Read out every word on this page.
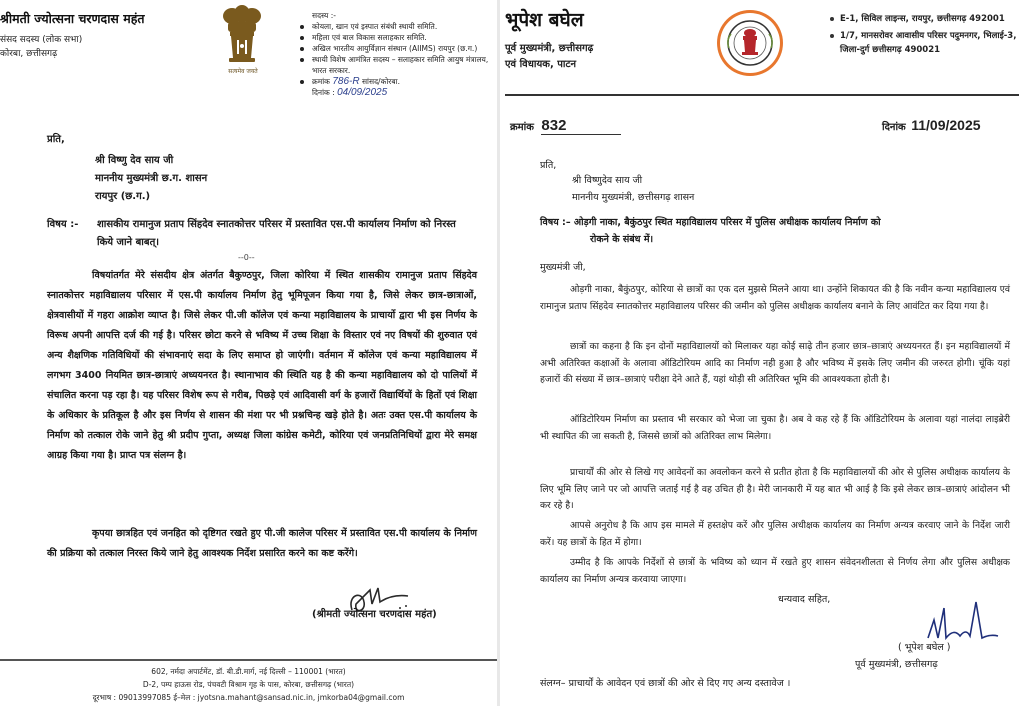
श्रीमती ज्योत्सना चरणदास महंत
संसद सदस्य (लोक सभा)
कोरबा, छत्तीसगढ़
सत्यमेव जयते
सदस्य :-
कोयला, खान एवं इस्पात संबंधी स्थायी समिति.
महिला एवं बाल विकास सलाहकार समिति.
अखिल भारतीय आयुर्विज्ञान संस्थान (AIIMS) रायपुर (छ.ग.)
स्थायी विशेष आमंत्रित सदस्य – सलाहकार समिति आयुष मंत्रालय, भारत सरकार.
क्रमांक 786-R सांसद/कोरबा.
दिनांक : 04/09/2025
प्रति,
श्री विष्णु देव साय जी
माननीय मुख्यमंत्री छ.ग. शासन
रायपुर (छ.ग.)
विषय :- शासकीय रामानुज प्रताप सिंहदेव स्नातकोत्तर परिसर में प्रस्तावित एस.पी कार्यालय निर्माण को निरस्त किये जाने बाबत्।
--0--
विषयांतर्गत मेरे संसदीय क्षेत्र अंतर्गत बैकुण्ठपुर, जिला कोरिया में स्थित शासकीय रामानुज प्रताप सिंहदेव स्नातकोत्तर महाविद्यालय परिसार में एस.पी कार्यालय निर्माण हेतु भूमिपूजन किया गया है, जिसे लेकर छात्र-छात्राओं, क्षेत्रवासीयों में गहरा आक्रोश व्याप्त है। जिसे लेकर पी.जी कॉलेज एवं कन्या महाविद्यालय के प्राचार्यो द्वारा भी इस निर्णय के विरूध अपनी आपत्ति दर्ज की गई है। परिसर छोटा करने से भविष्य में उच्च शिक्षा के विस्तार एवं नए विषयों की शुरुवात एवं अन्य शैक्षणिक गतिविधियों की संभावनाएं सदा के लिए समाप्त हो जाएंगी। वर्तमान में कॉलेज एवं कन्या महाविद्यालय में लगभग 3400 नियमित छात्र-छात्राएं अध्ययनरत है। स्थानाभाव की स्थिति यह है की कन्या महाविद्यालय को दो पालियों में संचालित करना पड़ रहा है। यह परिसर विशेष रूप से गरीब, पिछड़े एवं आदिवासी वर्ग के हजारों विद्यार्थियों के हितों एवं शिक्षा के अधिकार के प्रतिकूल है और इस निर्णय से शासन की मंशा पर भी प्रश्नचिन्ह खड़े होते है। अतः उक्त एस.पी कार्यालय के निर्माण को तत्काल रोके जाने हेतु श्री प्रदीप गुप्ता, अध्यक्ष जिला कांग्रेस कमेटी, कोरिया एवं जनप्रतिनिधियों द्वारा मेरे समक्ष आग्रह किया गया है। प्राप्त पत्र संलग्न है।
कृपया छात्रहित एवं जनहित को दृष्टिगत रखते हुए पी.जी कालेज परिसर में प्रस्तावित एस.पी कार्यालय के निर्माण की प्रक्रिया को तत्काल निरस्त किये जाने हेतु आवश्यक निर्देश प्रसारित करने का कष्ट करेंगे।
(श्रीमती ज्योत्सना चरणदास महंत)
602, नर्मदा अपार्टमेंट, डॉ. बी.डी.मार्ग, नई दिल्ली – 110001 (भारत)
D-2, पम्प हाऊस रोड, पंचवटी विश्राम गृह के पास, कोरबा, छत्तीसगढ़ (भारत)
दूरभाष : 09013997085 ई–मेल : jyotsna.mahant@sansad.nic.in, jmkorba04@gmail.com
भूपेश बघेल
पूर्व मुख्यमंत्री, छत्तीसगढ़
एवं विधायक, पाटन
E-1, सिविल लाइन्स, रायपुर, छत्तीसगढ़ 492001
1/7, मानसरोवर आवासीय परिसर पदुमनगर, भिलाई-3, जिला-दुर्ग छत्तीसगढ़ 490021
क्रमांक 832	दिनांक 11/09/2025
प्रति,
श्री विष्णुदेव साय जी
माननीय मुख्यमंत्री, छत्तीसगढ़ शासन
विषय :– ओड़गी नाका, बैकुंठपुर स्थित महाविद्यालय परिसर में पुलिस अधीक्षक कार्यालय निर्माण को
रोकने के संबंध में।
मुख्यमंत्री जी,
ओड़गी नाका, बैकुंठपुर, कोरिया से छात्रों का एक दल मुझसे मिलने आया था। उन्होंने शिकायत की है कि नवीन कन्या महाविद्यालय एवं रामानुज प्रताप सिंहदेव स्नातकोत्तर महाविद्यालय परिसर की जमीन को पुलिस अधीक्षक कार्यालय बनाने के लिए आवंटित कर दिया गया है।
छात्रों का कहना है कि इन दोनों महाविद्यालयों को मिलाकर यहा कोई साढ़े तीन हजार छात्र–छात्राएं अध्ययनरत हैं। इन महाविद्यालयों में अभी अतिरिक्त कक्षाओं के अलावा ऑडिटोरियम आदि का निर्माण नही हुआ है और भविष्य में इसके लिए जमीन की जरुरत होगी। चूंकि यहां हजारों की संख्या में छात्र–छात्राएं परीक्षा देने आते हैं, यहां थोड़ी सी अतिरिक्त भूमि की आवश्यकता होती है।
ऑडिटोरियम निर्माण का प्रस्ताव भी सरकार को भेजा जा चुका है। अब वे कह रहे हैं कि ऑडिटोरियम के अलावा यहां नालंदा लाइब्रेरी भी स्थापित की जा सकती है, जिससे छात्रों को अतिरिक्त लाभ मिलेगा।
प्राचार्यों की ओर से लिखे गए आवेदनों का अवलोकन करने से प्रतीत होता है कि महाविद्यालयों की ओर से पुलिस अधीक्षक कार्यालय के लिए भूमि लिए जाने पर जो आपत्ति जताई गई है वह उचित ही है। मेरी जानकारी में यह बात भी आई है कि इसे लेकर छात्र–छात्राएं आंदोलन भी कर रहे है।
आपसे अनुरोध है कि आप इस मामले में हस्तक्षेप करें और पुलिस अधीक्षक कार्यालय का निर्माण अन्यत्र करवाए जाने के निर्देश जारी करें। यह छात्रों के हित में होगा।
उम्मीद है कि आपके निर्देशों से छात्रों के भविष्य को ध्यान में रखते हुए शासन संवेदनशीलता से निर्णय लेगा और पुलिस अधीक्षक कार्यालय का निर्माण अन्यत्र करवाया जाएगा।
धन्यवाद सहित,
( भूपेश बघेल )
पूर्व मुख्यमंत्री, छत्तीसगढ़
संलग्न– प्राचार्यों के आवेदन एवं छात्रों की ओर से दिए गए अन्य दस्तावेज ।
